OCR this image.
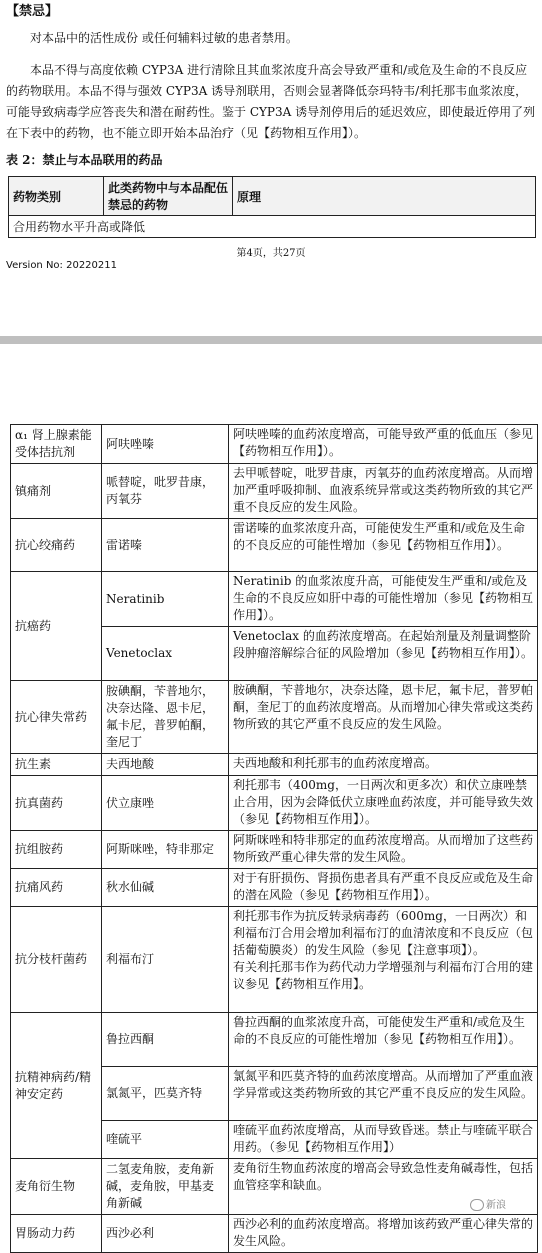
【禁忌】

对本品中的活性成份 或任何辅料过敏的患者禁用。

本品不得与高度依赖 CYP3A 进行清除且其血浆浓度升高会导致严重和/或危及生命的不良反应的药物联用。本品不得与强效 CYP3A 诱导剂联用，否则会显著降低奈玛特韦/利托那韦血浆浓度，可能导致病毒学应答丧失和潜在耐药性。鉴于 CYP3A 诱导剂停用后的延迟效应，即使最近停用了列在下表中的药物，也不能立即开始本品治疗（见【药物相互作用】）。

表 2：禁止与本品联用的药品
药物类别	此类药物中与本品配伍禁忌的药物	原理
合用药物水平升高或降低
第4页，共27页
Version No: 20220211
α₁ 肾上腺素能受体拮抗剂	阿呋唑嗪	阿呋唑嗪的血药浓度增高，可能导致严重的低血压（参见【药物相互作用】）。
镇痛剂	哌替啶，吡罗昔康，丙氧芬	去甲哌替啶，吡罗昔康，丙氧芬的血药浓度增高。从而增加严重呼吸抑制、血液系统异常或这类药物所致的其它严重不良反应的发生风险。
抗心绞痛药	雷诺嗪	雷诺嗪的血浆浓度升高，可能使发生严重和/或危及生命的不良反应的可能性增加（参见【药物相互作用】）。
抗癌药	Neratinib	Neratinib 的血浆浓度升高，可能使发生严重和/或危及生命的不良反应如肝中毒的可能性增加（参见【药物相互作用】）。
	Venetoclax	Venetoclax 的血药浓度增高。在起始剂量及剂量调整阶段肿瘤溶解综合征的风险增加（参见【药物相互作用】）。
抗心律失常药	胺碘酮，苄普地尔，决奈达隆、恩卡尼，氟卡尼，普罗帕酮，奎尼丁	胺碘酮，苄普地尔，决奈达隆，恩卡尼，氟卡尼，普罗帕酮，奎尼丁的血药浓度增高。从而增加心律失常或这类药物所致的其它严重不良反应的发生风险。
抗生素	夫西地酸	夫西地酸和利托那韦的血药浓度增高。
抗真菌药	伏立康唑	利托那韦（400mg，一日两次和更多次）和伏立康唑禁止合用，因为会降低伏立康唑血药浓度，并可能导致失效（参见【药物相互作用】）。
抗组胺药	阿斯咪唑，特非那定	阿斯咪唑和特非那定的血药浓度增高。从而增加了这些药物所致严重心律失常的发生风险。
抗痛风药	秋水仙碱	对于有肝损伤、肾损伤患者具有严重不良反应或危及生命的潜在风险（参见【药物相互作用】）。
抗分枝杆菌药	利福布汀	利托那韦作为抗反转录病毒药（600mg，一日两次）和利福布汀合用会增加利福布汀的血清浓度和不良反应（包括葡萄膜炎）的发生风险（参见【注意事项】）。
有关利托那韦作为药代动力学增强剂与利福布汀合用的建议参见【药物相互作用】。

抗精神病药/精神安定药	鲁拉西酮	鲁拉西酮的血浆浓度升高，可能使发生严重和/或危及生命的不良反应的可能性增加（参见【药物相互作用】）。
	氯氮平，匹莫齐特	氯氮平和匹莫齐特的血药浓度增高。从而增加了严重血液学异常或这类药物所致的其它严重不良反应的发生风险。
	喹硫平	喹硫平血药浓度增高，从而导致昏迷。禁止与喹硫平联合用药。（参见【药物相互作用】）
麦角衍生物	二氢麦角胺，麦角新碱，麦角胺，甲基麦角新碱	麦角衍生物血药浓度的增高会导致急性麦角碱毒性，包括血管痉挛和缺血。
胃肠动力药	西沙必利	西沙必利的血药浓度增高。将增加该药致严重心律失常的发生风险。
新浪
